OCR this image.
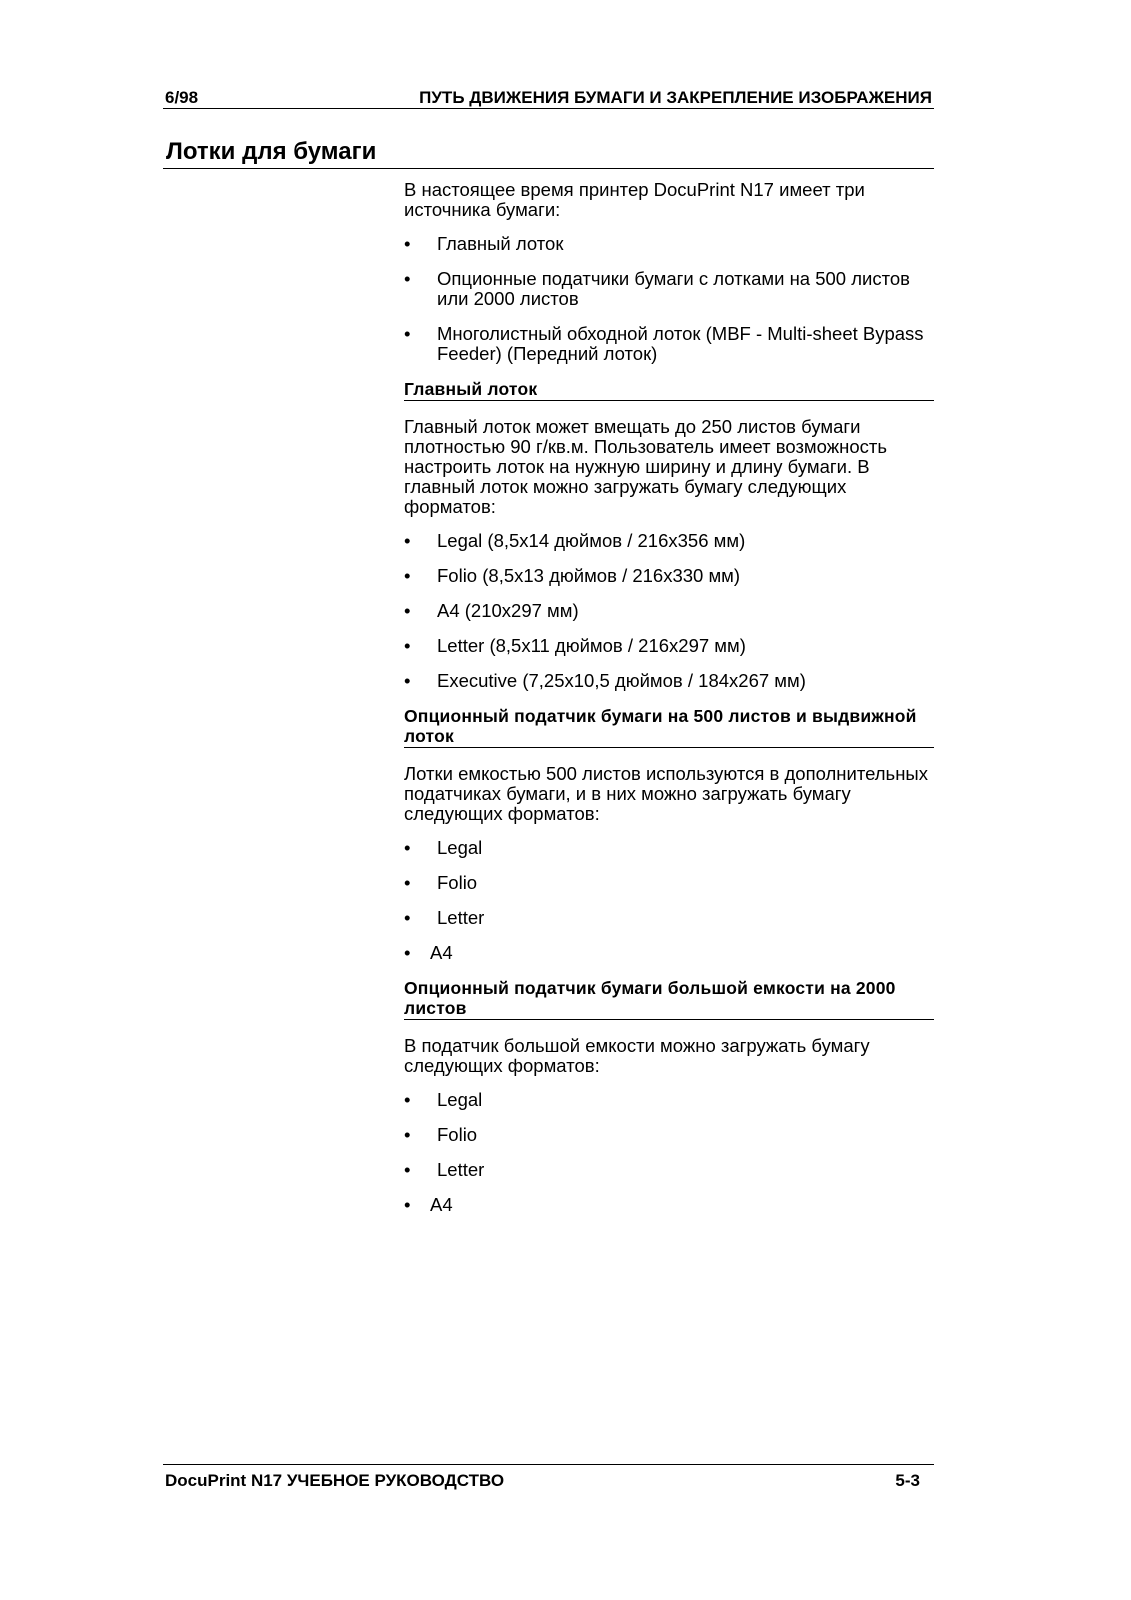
6/98	ПУТЬ ДВИЖЕНИЯ БУМАГИ И ЗАКРЕПЛЕНИЕ ИЗОБРАЖЕНИЯ
Лотки для бумаги

В настоящее время принтер DocuPrint N17 имеет три источника бумаги:

•	Главный лоток
•	Опционные податчики бумаги с лотками на 500 листов или 2000 листов
•	Многолистный обходной лоток (MBF - Multi-sheet Bypass Feeder) (Передний лоток)
Главный лоток

Главный лоток может вмещать до 250 листов бумаги плотностью 90 г/кв.м. Пользователь имеет возможность настроить лоток на нужную ширину и длину бумаги. В главный лоток можно загружать бумагу следующих форматов:

•	Legal (8,5x14 дюймов / 216x356 мм)
•	Folio (8,5x13 дюймов / 216x330 мм)
•	A4 (210x297 мм)
•	Letter (8,5x11 дюймов / 216x297 мм)
•	Executive (7,25x10,5 дюймов / 184x267 мм)
Опционный податчик бумаги на 500 листов и выдвижной лоток

Лотки емкостью 500 листов используются в дополнительных податчиках бумаги, и в них можно загружать бумагу следующих форматов:

•	Legal
•	Folio
•	Letter
•	A4
Опционный податчик бумаги большой емкости на 2000 листов

В податчик большой емкости можно загружать бумагу следующих форматов:

•	Legal
•	Folio
•	Letter
•	A4
DocuPrint N17 УЧЕБНОЕ РУКОВОДСТВО	5-3
